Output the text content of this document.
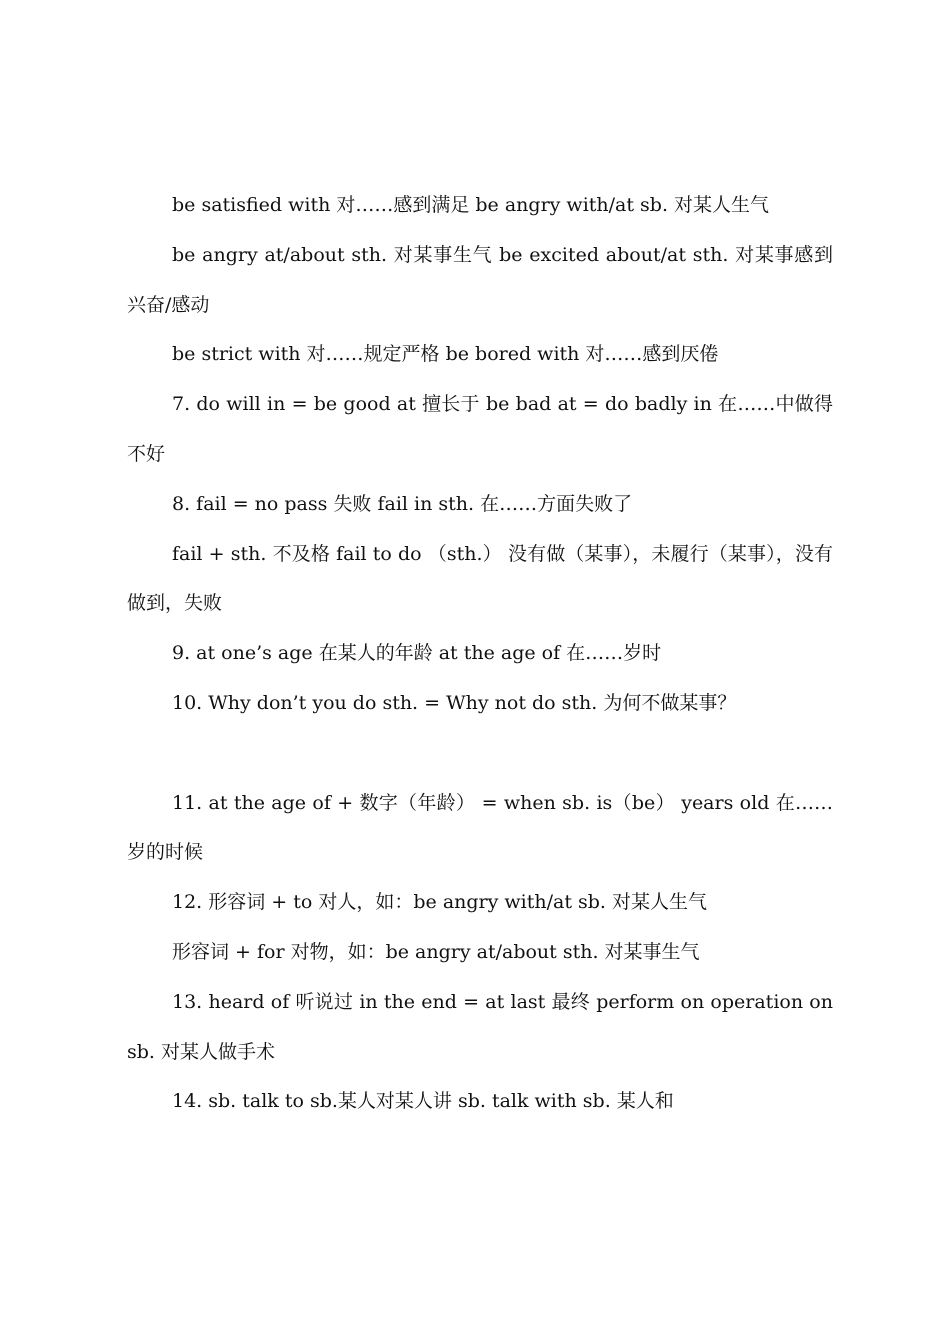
be satisfied with 对……感到满足 be angry with/at sb. 对某人生气

be angry at/about sth. 对某事生气 be excited about/at sth. 对某事感到兴奋/感动

be strict with 对……规定严格 be bored with 对……感到厌倦

7. do will in = be good at 擅长于 be bad at = do badly in 在……中做得不好

8. fail = no pass 失败 fail in sth. 在……方面失败了

fail + sth. 不及格 fail to do （sth.） 没有做（某事），未履行（某事），没有做到，失败

9. at one’s age 在某人的年龄 at the age of 在……岁时

10. Why don’t you do sth. = Why not do sth. 为何不做某事？

11. at the age of + 数字（年龄） = when sb. is（be） years old 在……岁的时候

12. 形容词 + to 对人，如：be angry with/at sb. 对某人生气

形容词 + for 对物，如：be angry at/about sth. 对某事生气

13. heard of 听说过 in the end = at last 最终 perform on operation on sb. 对某人做手术

14. sb. talk to sb.某人对某人讲 sb. talk with sb. 某人和
